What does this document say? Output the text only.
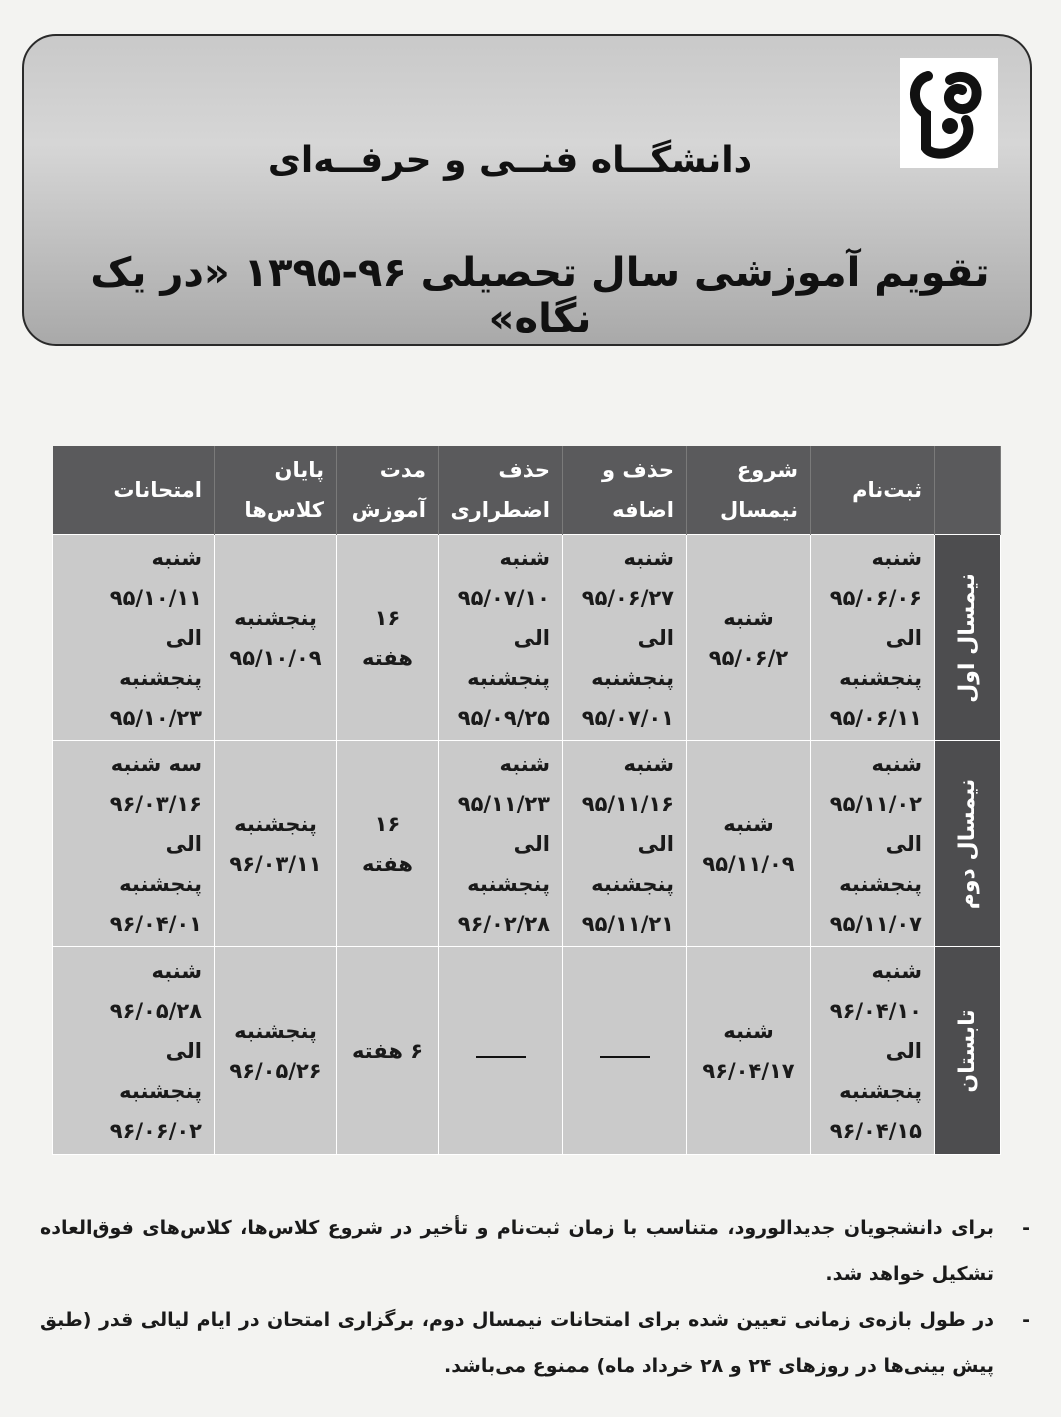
دانشگــاه فنــی و حرفــه‌ای
تقویم آموزشی سال تحصیلی ۹۶-۱۳۹۵ «در یک نگاه»
	ثبت‌نام	شروع نیمسال	حذف و اضافه	حذف اضطراری	مدت آموزش	پایان کلاس‌ها	امتحانات

نیمسال اول	شنبه
۹۵/۰۶/۰۶
الی
پنجشنبه
۹۵/۰۶/۱۱	شنبه
۹۵/۰۶/۲	شنبه
۹۵/۰۶/۲۷
الی
پنجشنبه
۹۵/۰۷/۰۱	شنبه
۹۵/۰۷/۱۰
الی
پنجشنبه
۹۵/۰۹/۲۵	۱۶ هفته	پنجشنبه
۹۵/۱۰/۰۹	شنبه
۹۵/۱۰/۱۱
الی
پنجشنبه
۹۵/۱۰/۲۳

نیمسال دوم	شنبه
۹۵/۱۱/۰۲
الی
پنجشنبه
۹۵/۱۱/۰۷	شنبه
۹۵/۱۱/۰۹	شنبه
۹۵/۱۱/۱۶
الی
پنجشنبه
۹۵/۱۱/۲۱	شنبه
۹۵/۱۱/۲۳
الی
پنجشنبه
۹۶/۰۲/۲۸	۱۶ هفته	پنجشنبه
۹۶/۰۳/۱۱	سه شنبه
۹۶/۰۳/۱۶
الی
پنجشنبه
۹۶/۰۴/۰۱

تابستان	شنبه
۹۶/۰۴/۱۰
الی
پنجشنبه
۹۶/۰۴/۱۵	شنبه
۹۶/۰۴/۱۷			۶ هفته	پنجشنبه
۹۶/۰۵/۲۶	شنبه
۹۶/۰۵/۲۸
الی
پنجشنبه
۹۶/۰۶/۰۲
-
برای دانشجویان جدیدالورود، متناسب با زمان ثبت‌نام و تأخیر در شروع کلاس‌ها، کلاس‌های فوق‌العاده تشکیل خواهد شد.
-
در طول بازه‌ی زمانی تعیین شده برای امتحانات نیمسال دوم، برگزاری امتحان در ایام لیالی قدر (طبق پیش بینی‌ها در روزهای ۲۴ و ۲۸ خرداد ماه) ممنوع می‌باشد.
